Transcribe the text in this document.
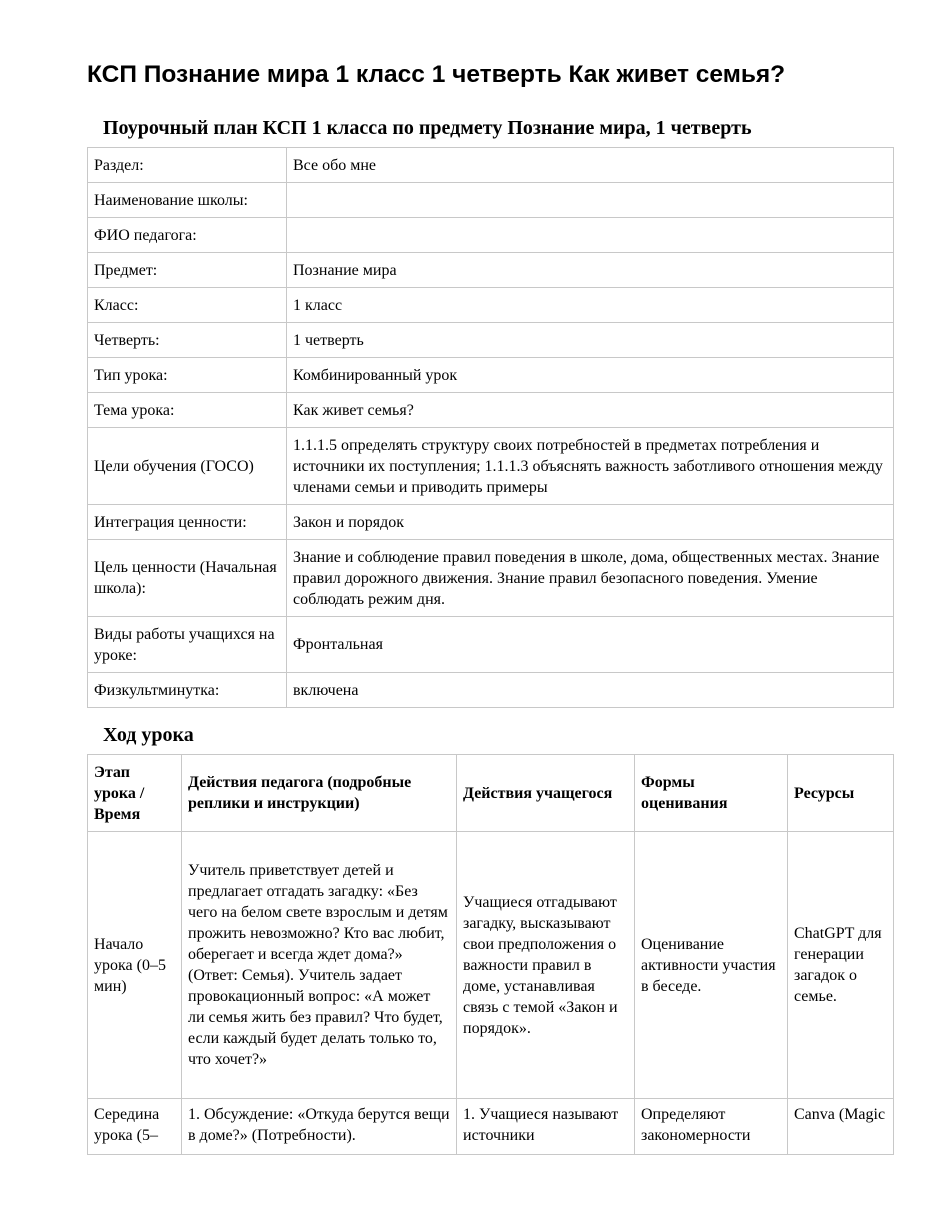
КСП Познание мира 1 класс 1 четверть Как живет семья?
Поурочный план КСП 1 класса по предмету Познание мира, 1 четверть
Раздел:	Все обо мне
Наименование школы:	
ФИО педагога:	
Предмет:	Познание мира
Класс:	1 класс
Четверть:	1 четверть
Тип урока:	Комбинированный урок
Тема урока:	Как живет семья?
Цели обучения (ГОСО)	1.1.1.5 определять структуру своих потребностей в предметах потребления и источники их поступления; 1.1.1.3 объяснять важность заботливого отношения между членами семьи и приводить примеры
Интеграция ценности:	Закон и порядок
Цель ценности (Начальная школа):	Знание и соблюдение правил поведения в школе, дома, общественных местах. Знание правил дорожного движения. Знание правил безопасного поведения. Умение соблюдать режим дня.
Виды работы учащихся на уроке:	Фронтальная
Физкультминутка:	включена
Ход урока
Этап урока / Время	Действия педагога (подробные реплики и инструкции)	Действия учащегося	Формы оценивания	Ресурсы
Начало урока (0–5 мин)	Учитель приветствует детей и предлагает отгадать загадку: «Без чего на белом свете взрослым и детям прожить невозможно? Кто вас любит, оберегает и всегда ждет дома?» (Ответ: Семья). Учитель задает провокационный вопрос: «А может ли семья жить без правил? Что будет, если каждый будет делать только то, что хочет?»	Учащиеся отгадывают загадку, высказывают свои предположения о важности правил в доме, устанавливая связь с темой «Закон и порядок».	Оценивание активности участия в беседе.	ChatGPT для генерации загадок о семье.
Середина урока (5–	1. Обсуждение: «Откуда берутся вещи в доме?» (Потребности).	1. Учащиеся называют источники	Определяют закономерности	Canva (Magic
